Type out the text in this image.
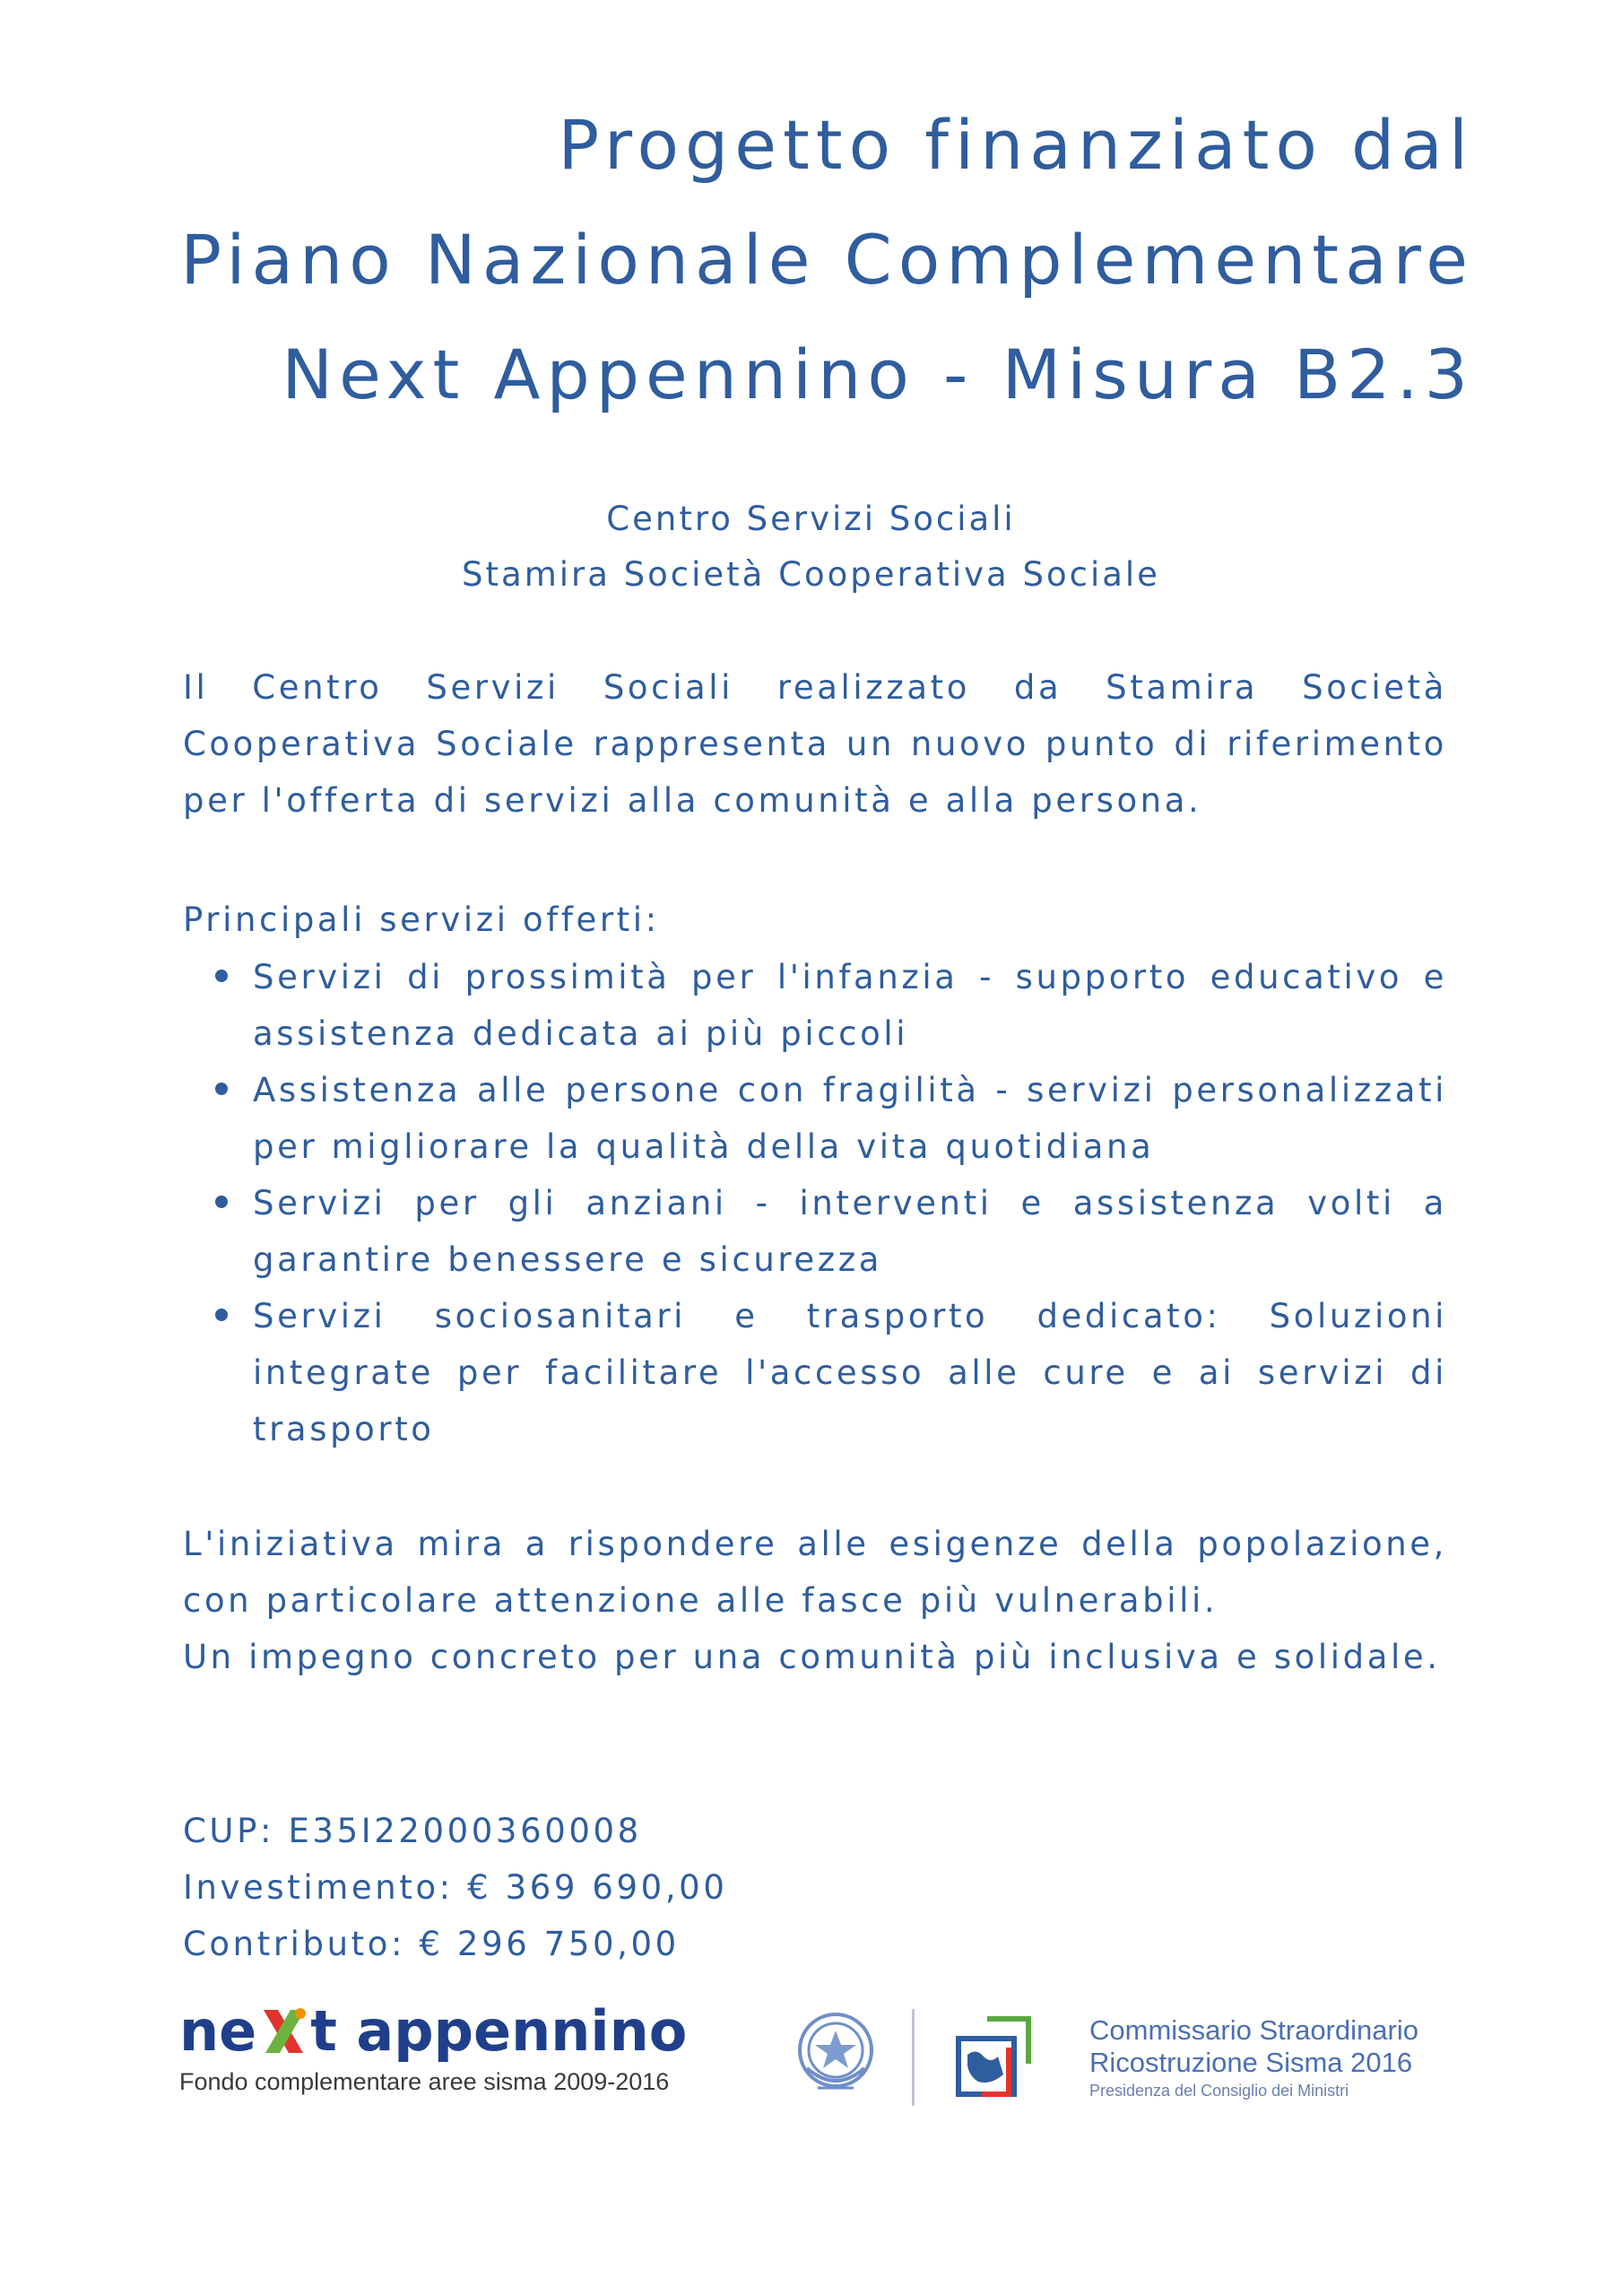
Progetto finanziato dal
Piano Nazionale Complementare
Next Appennino - Misura B2.3
Centro Servizi Sociali
Stamira Società Cooperativa Sociale
Il Centro Servizi Sociali realizzato da Stamira Società Cooperativa Sociale rappresenta un nuovo punto di riferimento per l'offerta di servizi alla comunità e alla persona.
Principali servizi offerti:
Servizi di prossimità per l'infanzia - supporto educativo e assistenza dedicata ai più piccoli
Assistenza alle persone con fragilità - servizi personalizzati per migliorare la qualità della vita quotidiana
Servizi per gli anziani - interventi e assistenza volti a garantire benessere e sicurezza
Servizi sociosanitari e trasporto dedicato: Soluzioni integrate per facilitare l'accesso alle cure e ai servizi di trasporto
L'iniziativa mira a rispondere alle esigenze della popolazione, con particolare attenzione alle fasce più vulnerabili.
Un impegno concreto per una comunità più inclusiva e solidale.
CUP: E35I22000360008
Investimento: € 369 690,00
Contributo: € 296 750,00
ne t appennino
Fondo complementare aree sisma 2009-2016
Commissario Straordinario
Ricostruzione Sisma 2016
Presidenza del Consiglio dei Ministri
